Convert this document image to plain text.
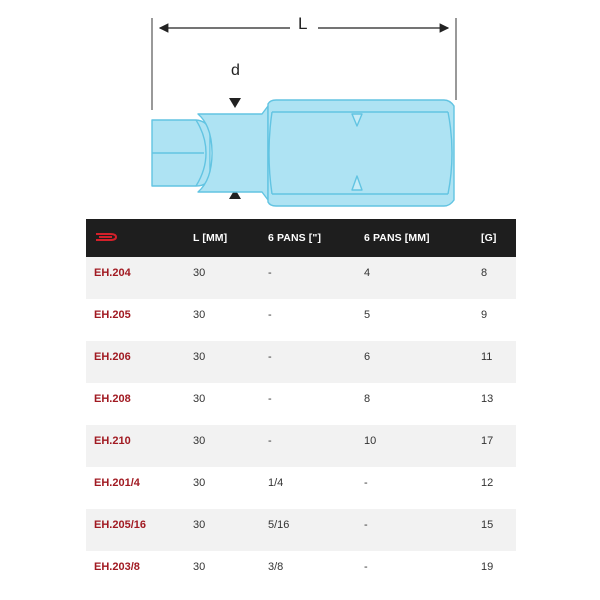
L
d
	L [MM]	6 PANS ["]	6 PANS [MM]	[G]
EH.204	30	-	4	8
EH.205	30	-	5	9
EH.206	30	-	6	11
EH.208	30	-	8	13
EH.210	30	-	10	17
EH.201/4	30	1/4	-	12
EH.205/16	30	5/16	-	15
EH.203/8	30	3/8	-	19
